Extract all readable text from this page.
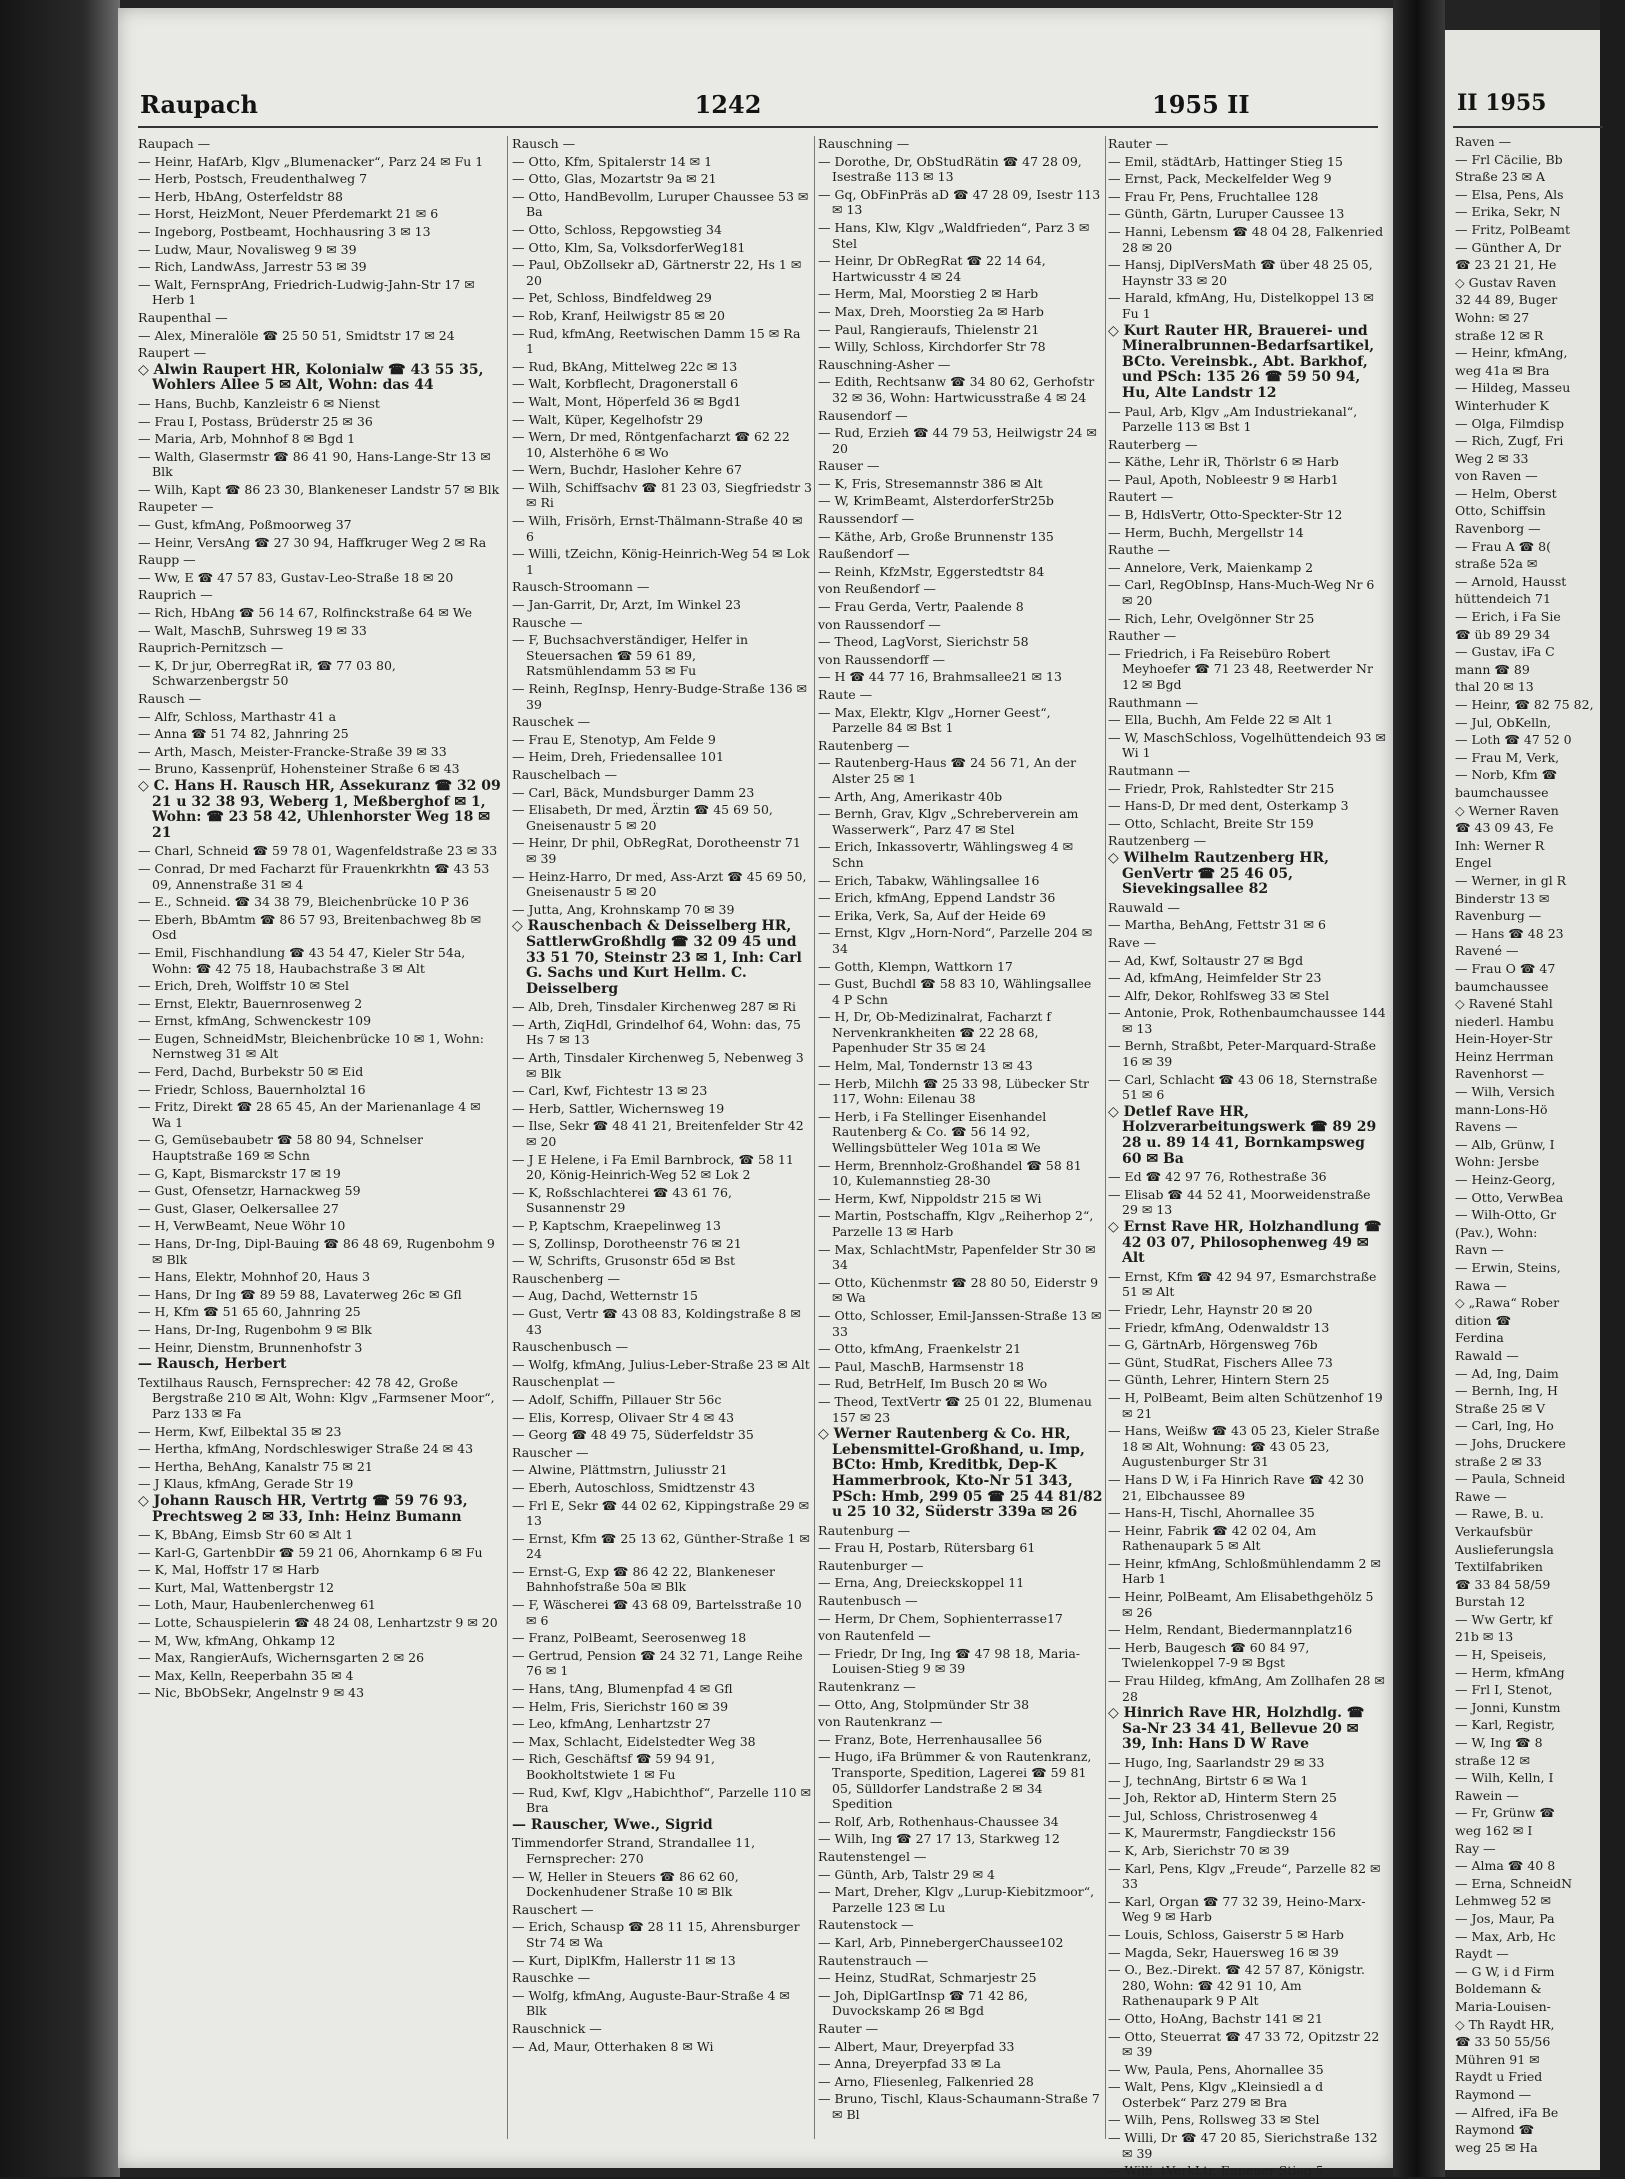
Raupach	1242	1955 II
Raupach —
— Heinr, HafArb, Klgv „Blumenacker“, Parz 24 ✉ Fu 1
— Herb, Postsch, Freudenthalweg 7
— Herb, HbAng, Osterfeldstr 88
— Horst, HeizMont, Neuer Pferdemarkt 21 ✉ 6
— Ingeborg, Postbeamt, Hochhausring 3 ✉ 13
— Ludw, Maur, Novalisweg 9 ✉ 39
— Rich, LandwAss, Jarrestr 53 ✉ 39
— Walt, FernsprAng, Friedrich-Ludwig-Jahn-Str 17 ✉ Herb 1
Raupenthal —
— Alex, Mineralöle ☎ 25 50 51, Smidtstr 17 ✉ 24
Raupert —
◇ Alwin Raupert HR, Kolonialw ☎ 43 55 35, Wohlers Allee 5 ✉ Alt, Wohn: das 44
— Hans, Buchb, Kanzleistr 6 ✉ Nienst
— Frau I, Postass, Brüderstr 25 ✉ 36
— Maria, Arb, Mohnhof 8 ✉ Bgd 1
— Walth, Glasermstr ☎ 86 41 90, Hans-Lange-Str 13 ✉ Blk
— Wilh, Kapt ☎ 86 23 30, Blankeneser Landstr 57 ✉ Blk
Raupeter —
— Gust, kfmAng, Poßmoorweg 37
— Heinr, VersAng ☎ 27 30 94, Haffkruger Weg 2 ✉ Ra
Raupp —
— Ww, E ☎ 47 57 83, Gustav-Leo-Straße 18 ✉ 20
Rauprich —
— Rich, HbAng ☎ 56 14 67, Rolfinckstraße 64 ✉ We
— Walt, MaschB, Suhrsweg 19 ✉ 33
Rauprich-Pernitzsch —
— K, Dr jur, OberregRat iR, ☎ 77 03 80, Schwarzenbergstr 50
Rausch —
— Alfr, Schloss, Marthastr 41 a
— Anna ☎ 51 74 82, Jahnring 25
— Arth, Masch, Meister-Francke-Straße 39 ✉ 33
— Bruno, Kassenprüf, Hohensteiner Straße 6 ✉ 43
◇ C. Hans H. Rausch HR, Assekuranz ☎ 32 09 21 u 32 38 93, Weberg 1, Meßberghof ✉ 1, Wohn: ☎ 23 58 42, Uhlenhorster Weg 18 ✉ 21
— Charl, Schneid ☎ 59 78 01, Wagenfeldstraße 23 ✉ 33
— Conrad, Dr med Facharzt für Frauenkrkhtn ☎ 43 53 09, Annenstraße 31 ✉ 4
— E., Schneid. ☎ 34 38 79, Bleichenbrücke 10 P 36
— Eberh, BbAmtm ☎ 86 57 93, Breitenbachweg 8b ✉ Osd
— Emil, Fischhandlung ☎ 43 54 47, Kieler Str 54a, Wohn: ☎ 42 75 18, Haubachstraße 3 ✉ Alt
— Erich, Dreh, Wolffstr 10 ✉ Stel
— Ernst, Elektr, Bauernrosenweg 2
— Ernst, kfmAng, Schwenckestr 109
— Eugen, SchneidMstr, Bleichenbrücke 10 ✉ 1, Wohn: Nernstweg 31 ✉ Alt
— Ferd, Dachd, Burbekstr 50 ✉ Eid
— Friedr, Schloss, Bauernholztal 16
— Fritz, Direkt ☎ 28 65 45, An der Marienanlage 4 ✉ Wa 1
— G, Gemüsebaubetr ☎ 58 80 94, Schnelser Hauptstraße 169 ✉ Schn
— G, Kapt, Bismarckstr 17 ✉ 19
— Gust, Ofensetzr, Harnackweg 59
— Gust, Glaser, Oelkersallee 27
— H, VerwBeamt, Neue Wöhr 10
— Hans, Dr-Ing, Dipl-Bauing ☎ 86 48 69, Rugenbohm 9 ✉ Blk
— Hans, Elektr, Mohnhof 20, Haus 3
— Hans, Dr Ing ☎ 89 59 88, Lavaterweg 26c ✉ Gfl
— H, Kfm ☎ 51 65 60, Jahnring 25
— Hans, Dr-Ing, Rugenbohm 9 ✉ Blk
— Heinr, Dienstm, Brunnenhofstr 3
— Rausch, Herbert
Textilhaus Rausch, Fernsprecher: 42 78 42, Große Bergstraße 210 ✉ Alt, Wohn: Klgv „Farmsener Moor“, Parz 133 ✉ Fa
— Herm, Kwf, Eilbektal 35 ✉ 23
— Hertha, kfmAng, Nordschleswiger Straße 24 ✉ 43
— Hertha, BehAng, Kanalstr 75 ✉ 21
— J Klaus, kfmAng, Gerade Str 19
◇ Johann Rausch HR, Vertrtg ☎ 59 76 93, Prechtsweg 2 ✉ 33, Inh: Heinz Bumann
— K, BbAng, Eimsb Str 60 ✉ Alt 1
— Karl-G, GartenbDir ☎ 59 21 06, Ahornkamp 6 ✉ Fu
— K, Mal, Hoffstr 17 ✉ Harb
— Kurt, Mal, Wattenbergstr 12
— Loth, Maur, Haubenlerchenweg 61
— Lotte, Schauspielerin ☎ 48 24 08, Lenhartzstr 9 ✉ 20
— M, Ww, kfmAng, Ohkamp 12
— Max, RangierAufs, Wichernsgarten 2 ✉ 26
— Max, Kelln, Reeperbahn 35 ✉ 4
— Nic, BbObSekr, Angelnstr 9 ✉ 43
Rausch —
— Otto, Kfm, Spitalerstr 14 ✉ 1
— Otto, Glas, Mozartstr 9a ✉ 21
— Otto, HandBevollm, Luruper Chaussee 53 ✉ Ba
— Otto, Schloss, Repgowstieg 34
— Otto, Klm, Sa, VolksdorferWeg181
— Paul, ObZollsekr aD, Gärtnerstr 22, Hs 1 ✉ 20
— Pet, Schloss, Bindfeldweg 29
— Rob, Kranf, Heilwigstr 85 ✉ 20
— Rud, kfmAng, Reetwischen Damm 15 ✉ Ra 1
— Rud, BkAng, Mittelweg 22c ✉ 13
— Walt, Korbflecht, Dragonerstall 6
— Walt, Mont, Höperfeld 36 ✉ Bgd1
— Walt, Küper, Kegelhofstr 29
— Wern, Dr med, Röntgenfacharzt ☎ 62 22 10, Alsterhöhe 6 ✉ Wo
— Wern, Buchdr, Hasloher Kehre 67
— Wilh, Schiffsachv ☎ 81 23 03, Siegfriedstr 3 ✉ Ri
— Wilh, Frisörh, Ernst-Thälmann-Straße 40 ✉ 6
— Willi, tZeichn, König-Heinrich-Weg 54 ✉ Lok 1
Rausch-Stroomann —
— Jan-Garrit, Dr, Arzt, Im Winkel 23
Rausche —
— F, Buchsachverständiger, Helfer in Steuersachen ☎ 59 61 89, Ratsmühlendamm 53 ✉ Fu
— Reinh, RegInsp, Henry-Budge-Straße 136 ✉ 39
Rauschek —
— Frau E, Stenotyp, Am Felde 9
— Heim, Dreh, Friedensallee 101
Rauschelbach —
— Carl, Bäck, Mundsburger Damm 23
— Elisabeth, Dr med, Ärztin ☎ 45 69 50, Gneisenaustr 5 ✉ 20
— Heinr, Dr phil, ObRegRat, Dorotheenstr 71 ✉ 39
— Heinz-Harro, Dr med, Ass-Arzt ☎ 45 69 50, Gneisenaustr 5 ✉ 20
— Jutta, Ang, Krohnskamp 70 ✉ 39
◇ Rauschenbach & Deisselberg HR, SattlerwGroßhdlg ☎ 32 09 45 und 33 51 70, Steinstr 23 ✉ 1, Inh: Carl G. Sachs und Kurt Hellm. C. Deisselberg
— Alb, Dreh, Tinsdaler Kirchenweg 287 ✉ Ri
— Arth, ZiqHdl, Grindelhof 64, Wohn: das, 75 Hs 7 ✉ 13
— Arth, Tinsdaler Kirchenweg 5, Nebenweg 3 ✉ Blk
— Carl, Kwf, Fichtestr 13 ✉ 23
— Herb, Sattler, Wichernsweg 19
— Ilse, Sekr ☎ 48 41 21, Breitenfelder Str 42 ✉ 20
— J E Helene, i Fa Emil Barnbrock, ☎ 58 11 20, König-Heinrich-Weg 52 ✉ Lok 2
— K, Roßschlachterei ☎ 43 61 76, Susannenstr 29
— P, Kaptschm, Kraepelinweg 13
— S, Zollinsp, Dorotheenstr 76 ✉ 21
— W, Schrifts, Grusonstr 65d ✉ Bst
Rauschenberg —
— Aug, Dachd, Wetternstr 15
— Gust, Vertr ☎ 43 08 83, Koldingstraße 8 ✉ 43
Rauschenbusch —
— Wolfg, kfmAng, Julius-Leber-Straße 23 ✉ Alt
Rauschenplat —
— Adolf, Schiffn, Pillauer Str 56c
— Elis, Korresp, Olivaer Str 4 ✉ 43
— Georg ☎ 48 49 75, Süderfeldstr 35
Rauscher —
— Alwine, Plättmstrn, Juliusstr 21
— Eberh, Autoschloss, Smidtzenstr 43
— Frl E, Sekr ☎ 44 02 62, Kippingstraße 29 ✉ 13
— Ernst, Kfm ☎ 25 13 62, Günther-Straße 1 ✉ 24
— Ernst-G, Exp ☎ 86 42 22, Blankeneser Bahnhofstraße 50a ✉ Blk
— F, Wäscherei ☎ 43 68 09, Bartelsstraße 10 ✉ 6
— Franz, PolBeamt, Seerosenweg 18
— Gertrud, Pension ☎ 24 32 71, Lange Reihe 76 ✉ 1
— Hans, tAng, Blumenpfad 4 ✉ Gfl
— Helm, Fris, Sierichstr 160 ✉ 39
— Leo, kfmAng, Lenhartzstr 27
— Max, Schlacht, Eidelstedter Weg 38
— Rich, Geschäftsf ☎ 59 94 91, Bookholtstwiete 1 ✉ Fu
— Rud, Kwf, Klgv „Habichthof“, Parzelle 110 ✉ Bra
— Rauscher, Wwe., Sigrid
Timmendorfer Strand, Strandallee 11, Fernsprecher: 270
— W, Heller in Steuers ☎ 86 62 60, Dockenhudener Straße 10 ✉ Blk
Rauschert —
— Erich, Schausp ☎ 28 11 15, Ahrensburger Str 74 ✉ Wa
— Kurt, DiplKfm, Hallerstr 11 ✉ 13
Rauschke —
— Wolfg, kfmAng, Auguste-Baur-Straße 4 ✉ Blk
Rauschnick —
— Ad, Maur, Otterhaken 8 ✉ Wi
Rauschning —
— Dorothe, Dr, ObStudRätin ☎ 47 28 09, Isestraße 113 ✉ 13
— Gq, ObFinPräs aD ☎ 47 28 09, Isestr 113 ✉ 13
— Hans, Klw, Klgv „Waldfrieden“, Parz 3 ✉ Stel
— Heinr, Dr ObRegRat ☎ 22 14 64, Hartwicusstr 4 ✉ 24
— Herm, Mal, Moorstieg 2 ✉ Harb
— Max, Dreh, Moorstieg 2a ✉ Harb
— Paul, Rangieraufs, Thielenstr 21
— Willy, Schloss, Kirchdorfer Str 78
Rauschning-Asher —
— Edith, Rechtsanw ☎ 34 80 62, Gerhofstr 32 ✉ 36, Wohn: Hartwicusstraße 4 ✉ 24
Rausendorf —
— Rud, Erzieh ☎ 44 79 53, Heilwigstr 24 ✉ 20
Rauser —
— K, Fris, Stresemannstr 386 ✉ Alt
— W, KrimBeamt, AlsterdorferStr25b
Raussendorf —
— Käthe, Arb, Große Brunnenstr 135
Raußendorf —
— Reinh, KfzMstr, Eggerstedtstr 84
von Reußendorf —
— Frau Gerda, Vertr, Paalende 8
von Raussendorf —
— Theod, LagVorst, Sierichstr 58
von Raussendorff —
— H ☎ 44 77 16, Brahmsallee21 ✉ 13
Raute —
— Max, Elektr, Klgv „Horner Geest“, Parzelle 84 ✉ Bst 1
Rautenberg —
— Rautenberg-Haus ☎ 24 56 71, An der Alster 25 ✉ 1
— Arth, Ang, Amerikastr 40b
— Bernh, Grav, Klgv „Schreberverein am Wasserwerk“, Parz 47 ✉ Stel
— Erich, Inkassovertr, Wählingsweg 4 ✉ Schn
— Erich, Tabakw, Wählingsallee 16
— Erich, kfmAng, Eppend Landstr 36
— Erika, Verk, Sa, Auf der Heide 69
— Ernst, Klgv „Horn-Nord“, Parzelle 204 ✉ 34
— Gotth, Klempn, Wattkorn 17
— Gust, Buchdl ☎ 58 83 10, Wählingsallee 4 P Schn
— H, Dr, Ob-Medizinalrat, Facharzt f Nervenkrankheiten ☎ 22 28 68, Papenhuder Str 35 ✉ 24
— Helm, Mal, Tondernstr 13 ✉ 43
— Herb, Milchh ☎ 25 33 98, Lübecker Str 117, Wohn: Eilenau 38
— Herb, i Fa Stellinger Eisenhandel Rautenberg & Co. ☎ 56 14 92, Wellingsbütteler Weg 101a ✉ We
— Herm, Brennholz-Großhandel ☎ 58 81 10, Kulemannstieg 28-30
— Herm, Kwf, Nippoldstr 215 ✉ Wi
— Martin, Postschaffn, Klgv „Reiherhop 2“, Parzelle 13 ✉ Harb
— Max, SchlachtMstr, Papenfelder Str 30 ✉ 34
— Otto, Küchenmstr ☎ 28 80 50, Eiderstr 9 ✉ Wa
— Otto, Schlosser, Emil-Janssen-Straße 13 ✉ 33
— Otto, kfmAng, Fraenkelstr 21
— Paul, MaschB, Harmsenstr 18
— Rud, BetrHelf, Im Busch 20 ✉ Wo
— Theod, TextVertr ☎ 25 01 22, Blumenau 157 ✉ 23
◇ Werner Rautenberg & Co. HR, Lebensmittel-Großhand, u. Imp, BCto: Hmb, Kreditbk, Dep-K Hammerbrook, Kto-Nr 51 343, PSch: Hmb, 299 05 ☎ 25 44 81/82 u 25 10 32, Süderstr 339a ✉ 26
Rautenburg —
— Frau H, Postarb, Rütersbarg 61
Rautenburger —
— Erna, Ang, Dreieckskoppel 11
Rautenbusch —
— Herm, Dr Chem, Sophienterrasse17
von Rautenfeld —
— Friedr, Dr Ing, Ing ☎ 47 98 18, Maria-Louisen-Stieg 9 ✉ 39
Rautenkranz —
— Otto, Ang, Stolpmünder Str 38
von Rautenkranz —
— Franz, Bote, Herrenhausallee 56
— Hugo, iFa Brümmer & von Rautenkranz, Transporte, Spedition, Lagerei ☎ 59 81 05, Sülldorfer Landstraße 2 ✉ 34 Spedition
— Rolf, Arb, Rothenhaus-Chaussee 34
— Wilh, Ing ☎ 27 17 13, Starkweg 12
Rautenstengel —
— Günth, Arb, Talstr 29 ✉ 4
— Mart, Dreher, Klgv „Lurup-Kiebitzmoor“, Parzelle 123 ✉ Lu
Rautenstock —
— Karl, Arb, PinnebergerChaussee102
Rautenstrauch —
— Heinz, StudRat, Schmarjestr 25
— Joh, DiplGartInsp ☎ 71 42 86, Duvockskamp 26 ✉ Bgd
Rauter —
— Albert, Maur, Dreyerpfad 33
— Anna, Dreyerpfad 33 ✉ La
— Arno, Fliesenleg, Falkenried 28
— Bruno, Tischl, Klaus-Schaumann-Straße 7 ✉ Bl
Rauter —
— Emil, städtArb, Hattinger Stieg 15
— Ernst, Pack, Meckelfelder Weg 9
— Frau Fr, Pens, Fruchtallee 128
— Günth, Gärtn, Luruper Caussee 13
— Hanni, Lebensm ☎ 48 04 28, Falkenried 28 ✉ 20
— Hansj, DiplVersMath ☎ über 48 25 05, Haynstr 33 ✉ 20
— Harald, kfmAng, Hu, Distelkoppel 13 ✉ Fu 1
◇ Kurt Rauter HR, Brauerei- und Mineralbrunnen-Bedarfsartikel, BCto. Vereinsbk., Abt. Barkhof, und PSch: 135 26 ☎ 59 50 94, Hu, Alte Landstr 12
— Paul, Arb, Klgv „Am Industriekanal“, Parzelle 113 ✉ Bst 1
Rauterberg —
— Käthe, Lehr iR, Thörlstr 6 ✉ Harb
— Paul, Apoth, Nobleestr 9 ✉ Harb1
Rautert —
— B, HdlsVertr, Otto-Speckter-Str 12
— Herm, Buchh, Mergellstr 14
Rauthe —
— Annelore, Verk, Maienkamp 2
— Carl, RegObInsp, Hans-Much-Weg Nr 6 ✉ 20
— Rich, Lehr, Ovelgönner Str 25
Rauther —
— Friedrich, i Fa Reisebüro Robert Meyhoefer ☎ 71 23 48, Reetwerder Nr 12 ✉ Bgd
Rauthmann —
— Ella, Buchh, Am Felde 22 ✉ Alt 1
— W, MaschSchloss, Vogelhüttendeich 93 ✉ Wi 1
Rautmann —
— Friedr, Prok, Rahlstedter Str 215
— Hans-D, Dr med dent, Osterkamp 3
— Otto, Schlacht, Breite Str 159
Rautzenberg —
◇ Wilhelm Rautzenberg HR, GenVertr ☎ 25 46 05, Sievekingsallee 82
Rauwald —
— Martha, BehAng, Fettstr 31 ✉ 6
Rave —
— Ad, Kwf, Soltaustr 27 ✉ Bgd
— Ad, kfmAng, Heimfelder Str 23
— Alfr, Dekor, Rohlfsweg 33 ✉ Stel
— Antonie, Prok, Rothenbaumchaussee 144 ✉ 13
— Bernh, Straßbt, Peter-Marquard-Straße 16 ✉ 39
— Carl, Schlacht ☎ 43 06 18, Sternstraße 51 ✉ 6
◇ Detlef Rave HR, Holzverarbeitungswerk ☎ 89 29 28 u. 89 14 41, Bornkampsweg 60 ✉ Ba
— Ed ☎ 42 97 76, Rothestraße 36
— Elisab ☎ 44 52 41, Moorweidenstraße 29 ✉ 13
◇ Ernst Rave HR, Holzhandlung ☎ 42 03 07, Philosophenweg 49 ✉ Alt
— Ernst, Kfm ☎ 42 94 97, Esmarchstraße 51 ✉ Alt
— Friedr, Lehr, Haynstr 20 ✉ 20
— Friedr, kfmAng, Odenwaldstr 13
— G, GärtnArb, Hörgensweg 76b
— Günt, StudRat, Fischers Allee 73
— Günth, Lehrer, Hintern Stern 25
— H, PolBeamt, Beim alten Schützenhof 19 ✉ 21
— Hans, Weißw ☎ 43 05 23, Kieler Straße 18 ✉ Alt, Wohnung: ☎ 43 05 23, Augustenburger Str 31
— Hans D W, i Fa Hinrich Rave ☎ 42 30 21, Elbchaussee 89
— Hans-H, Tischl, Ahornallee 35
— Heinr, Fabrik ☎ 42 02 04, Am Rathenaupark 5 ✉ Alt
— Heinr, kfmAng, Schloßmühlendamm 2 ✉ Harb 1
— Heinr, PolBeamt, Am Elisabethgehölz 5 ✉ 26
— Helm, Rendant, Biedermannplatz16
— Herb, Baugesch ☎ 60 84 97, Twielenkoppel 7-9 ✉ Bgst
— Frau Hildeg, kfmAng, Am Zollhafen 28 ✉ 28
◇ Hinrich Rave HR, Holzhdlg. ☎ Sa-Nr 23 34 41, Bellevue 20 ✉ 39, Inh: Hans D W Rave
— Hugo, Ing, Saarlandstr 29 ✉ 33
— J, technAng, Birtstr 6 ✉ Wa 1
— Joh, Rektor aD, Hinterm Stern 25
— Jul, Schloss, Christrosenweg 4
— K, Maurermstr, Fangdieckstr 156
— K, Arb, Sierichstr 70 ✉ 39
— Karl, Pens, Klgv „Freude“, Parzelle 82 ✉ 33
— Karl, Organ ☎ 77 32 39, Heino-Marx-Weg 9 ✉ Harb
— Louis, Schloss, Gaiserstr 5 ✉ Harb
— Magda, Sekr, Hauersweg 16 ✉ 39
— O., Bez.-Direkt. ☎ 42 57 87, Königstr. 280, Wohn: ☎ 42 91 10, Am Rathenaupark 9 P Alt
— Otto, HoAng, Bachstr 141 ✉ 21
— Otto, Steuerrat ☎ 47 33 72, Opitzstr 22 ✉ 39
— Ww, Paula, Pens, Ahornallee 35
— Walt, Pens, Klgv „Kleinsiedl a d Osterbek“ Parz 279 ✉ Bra
— Wilh, Pens, Rollsweg 33 ✉ Stel
— Willi, Dr ☎ 47 20 85, Sierichstraße 132 ✉ 39
— Willi, tVerkLtr, Eupener Stieg 5
II 1955
Raven —
— Frl Cäcilie, Bb
Straße 23 ✉ A
— Elsa, Pens, Als
— Erika, Sekr, N
— Fritz, PolBeamt
— Günther A, Dr
☎ 23 21 21, He
◇ Gustav Raven
32 44 89, Buger
Wohn: ✉ 27
straße 12 ✉ R
— Heinr, kfmAng,
weg 41a ✉ Bra
— Hildeg, Masseu
Winterhuder K
— Olga, Filmdisp
— Rich, Zugf, Fri
Weg 2 ✉ 33
von Raven —
— Helm, Oberst
Otto, Schiffsin
Ravenborg —
— Frau A ☎ 8(
straße 52a ✉
— Arnold, Hausst
hüttendeich 71
— Erich, i Fa Sie
☎ üb 89 29 34
— Gustav, iFa C
mann ☎ 89
thal 20 ✉ 13
— Heinr, ☎ 82 75 82,
— Jul, ObKelln,
— Loth ☎ 47 52 0
— Frau M, Verk,
— Norb, Kfm ☎
baumchaussee
◇ Werner Raven
☎ 43 09 43, Fe
Inh: Werner R
Engel
— Werner, in gl R
Binderstr 13 ✉
Ravenburg —
— Hans ☎ 48 23
Ravené —
— Frau O ☎ 47
baumchaussee
◇ Ravené Stahl
niederl. Hambu
Hein-Hoyer-Str
Heinz Herrman
Ravenhorst —
— Wilh, Versich
mann-Lons-Hö
Ravens —
— Alb, Grünw, I
Wohn: Jersbe
— Heinz-Georg,
— Otto, VerwBea
— Wilh-Otto, Gr
(Pav.), Wohn:
Ravn —
— Erwin, Steins,
Rawa —
◇ „Rawa“ Rober
dition ☎
Ferdina
Rawald —
— Ad, Ing, Daim
— Bernh, Ing, H
Straße 25 ✉ V
— Carl, Ing, Ho
— Johs, Druckere
straße 2 ✉ 33
— Paula, Schneid
Rawe —
— Rawe, B. u.
Verkaufsbür
Auslieferungsla
Textilfabriken
☎ 33 84 58/59
Burstah 12
— Ww Gertr, kf
21b ✉ 13
— H, Speiseis,
— Herm, kfmAng
— Frl I, Stenot,
— Jonni, Kunstm
— Karl, Registr,
— W, Ing ☎ 8
straße 12 ✉
— Wilh, Kelln, I
Rawein —
— Fr, Grünw ☎
weg 162 ✉ I
Ray —
— Alma ☎ 40 8
— Erna, SchneidN
Lehmweg 52 ✉
— Jos, Maur, Pa
— Max, Arb, Hc
Raydt —
— G W, i d Firm
Boldemann &
Maria-Louisen-
◇ Th Raydt HR,
☎ 33 50 55/56
Mühren 91 ✉
Raydt u Fried
Raymond —
— Alfred, iFa Be
Raymond ☎
weg 25 ✉ Ha
